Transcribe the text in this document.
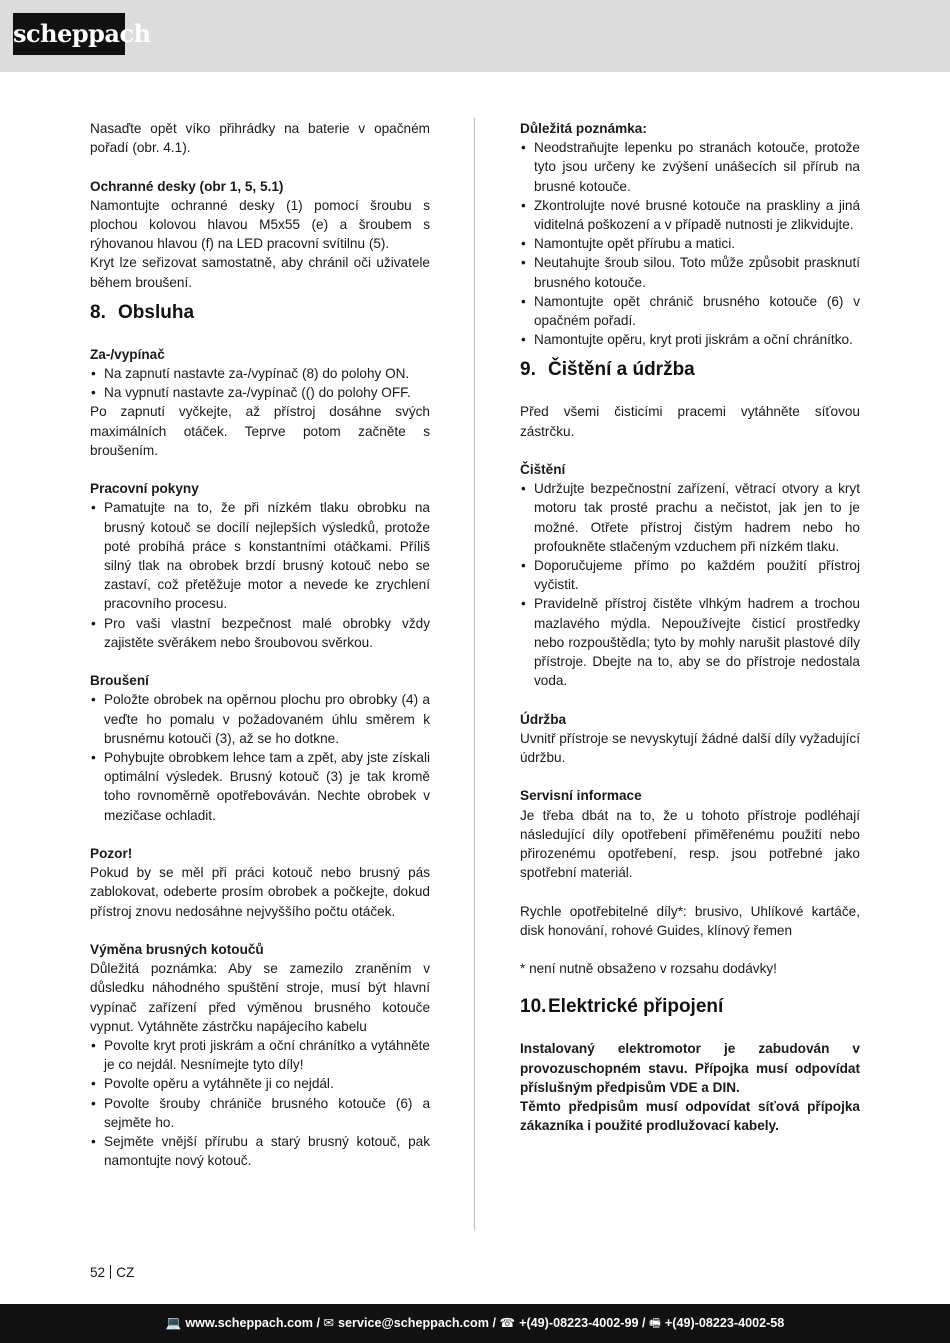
scheppach

Nasaďte opět víko přihrádky na baterie v opačném pořadí (obr. 4.1).

Ochranné desky (obr 1, 5, 5.1)

Namontujte ochranné desky (1) pomocí šroubu s plochou kolovou hlavou M5x55 (e) a šroubem s rýhovanou hlavou (f) na LED pracovní svítilnu (5).

Kryt lze seřizovat samostatně, aby chránil oči uživatele během broušení.

8. Obsluha
Za-/vypínač
• Na zapnutí nastavte za-/vypínač (8) do polohy ON.
• Na vypnutí nastavte za-/vypínač (() do polohy OFF.

Po zapnutí vyčkejte, až přístroj dosáhne svých maximálních otáček. Teprve potom začněte s broušením.

Pracovní pokyny
• Pamatujte na to, že při nízkém tlaku obrobku na brusný kotouč se docílí nejlepších výsledků, protože poté probíhá práce s konstantními otáčkami. Příliš silný tlak na obrobek brzdí brusný kotouč nebo se zastaví, což přetěžuje motor a nevede ke zrychlení pracovního procesu.
• Pro vaši vlastní bezpečnost malé obrobky vždy zajistěte svěrákem nebo šroubovou svěrkou.
Broušení
• Položte obrobek na opěrnou plochu pro obrobky (4) a veďte ho pomalu v požadovaném úhlu směrem k brusnému kotouči (3), až se ho dotkne.
• Pohybujte obrobkem lehce tam a zpět, aby jste získali optimální výsledek. Brusný kotouč (3) je tak kromě toho rovnoměrně opotřebováván. Nechte obrobek v mezičase ochladit.
Pozor!

Pokud by se měl při práci kotouč nebo brusný pás zablokovat, odeberte prosím obrobek a počkejte, dokud přístroj znovu nedosáhne nejvyššího počtu otáček.

Výměna brusných kotoučů

Důležitá poznámka: Aby se zamezilo zraněním v důsledku náhodného spuštění stroje, musí být hlavní vypínač zařízení před výměnou brusného kotouče vypnut. Vytáhněte zástrčku napájecího kabelu

• Povolte kryt proti jiskrám a oční chránítko a vytáhněte je co nejdál. Nesnímejte tyto díly!
• Povolte opěru a vytáhněte ji co nejdál.
• Povolte šrouby chrániče brusného kotouče (6) a sejměte ho.
• Sejměte vnější přírubu a starý brusný kotouč, pak namontujte nový kotouč.
Důležitá poznámka:
• Neodstraňujte lepenku po stranách kotouče, protože tyto jsou určeny ke zvýšení unášecích sil přírub na brusné kotouče.
• Zkontrolujte nové brusné kotouče na praskliny a jiná viditelná poškození a v případě nutnosti je zlikvidujte.
• Namontujte opět přírubu a matici.
• Neutahujte šroub silou. Toto může způsobit prasknutí brusného kotouče.
• Namontujte opět chránič brusného kotouče (6) v opačném pořadí.
• Namontujte opěru, kryt proti jiskrám a oční chránítko.
9. Čištění a údržba

Před všemi čisticími pracemi vytáhněte síťovou zástrčku.

Čištění
• Udržujte bezpečnostní zařízení, větrací otvory a kryt motoru tak prosté prachu a nečistot, jak jen to je možné. Otřete přístroj čistým hadrem nebo ho profoukněte stlačeným vzduchem při nízkém tlaku.
• Doporučujeme přímo po každém použití přístroj vyčistit.
• Pravidelně přístroj čistěte vlhkým hadrem a trochou mazlavého mýdla. Nepoužívejte čisticí prostředky nebo rozpouštědla; tyto by mohly narušit plastové díly přístroje. Dbejte na to, aby se do přístroje nedostala voda.
Údržba

Uvnitř přístroje se nevyskytují žádné další díly vyžadující údržbu.

Servisní informace

Je třeba dbát na to, že u tohoto přístroje podléhají následující díly opotřebení přiměřenému použití nebo přirozenému opotřebení, resp. jsou potřebné jako spotřební materiál.

Rychle opotřebitelné díly*: brusivo, Uhlíkové kartáče, disk honování, rohové Guides, klínový řemen

* není nutně obsaženo v rozsahu dodávky!

10.Elektrické připojení

Instalovaný elektromotor je zabudován v provozuschopném stavu. Přípojka musí odpovídat příslušným předpisům VDE a DIN.

Těmto předpisům musí odpovídat síťová přípojka zákazníka i použité prodlužovací kabely.

52 CZ
💻 www.scheppach.com / ✉ service@scheppach.com / ☎ +(49)-08223-4002-99 / 🖷 +(49)-08223-4002-58
